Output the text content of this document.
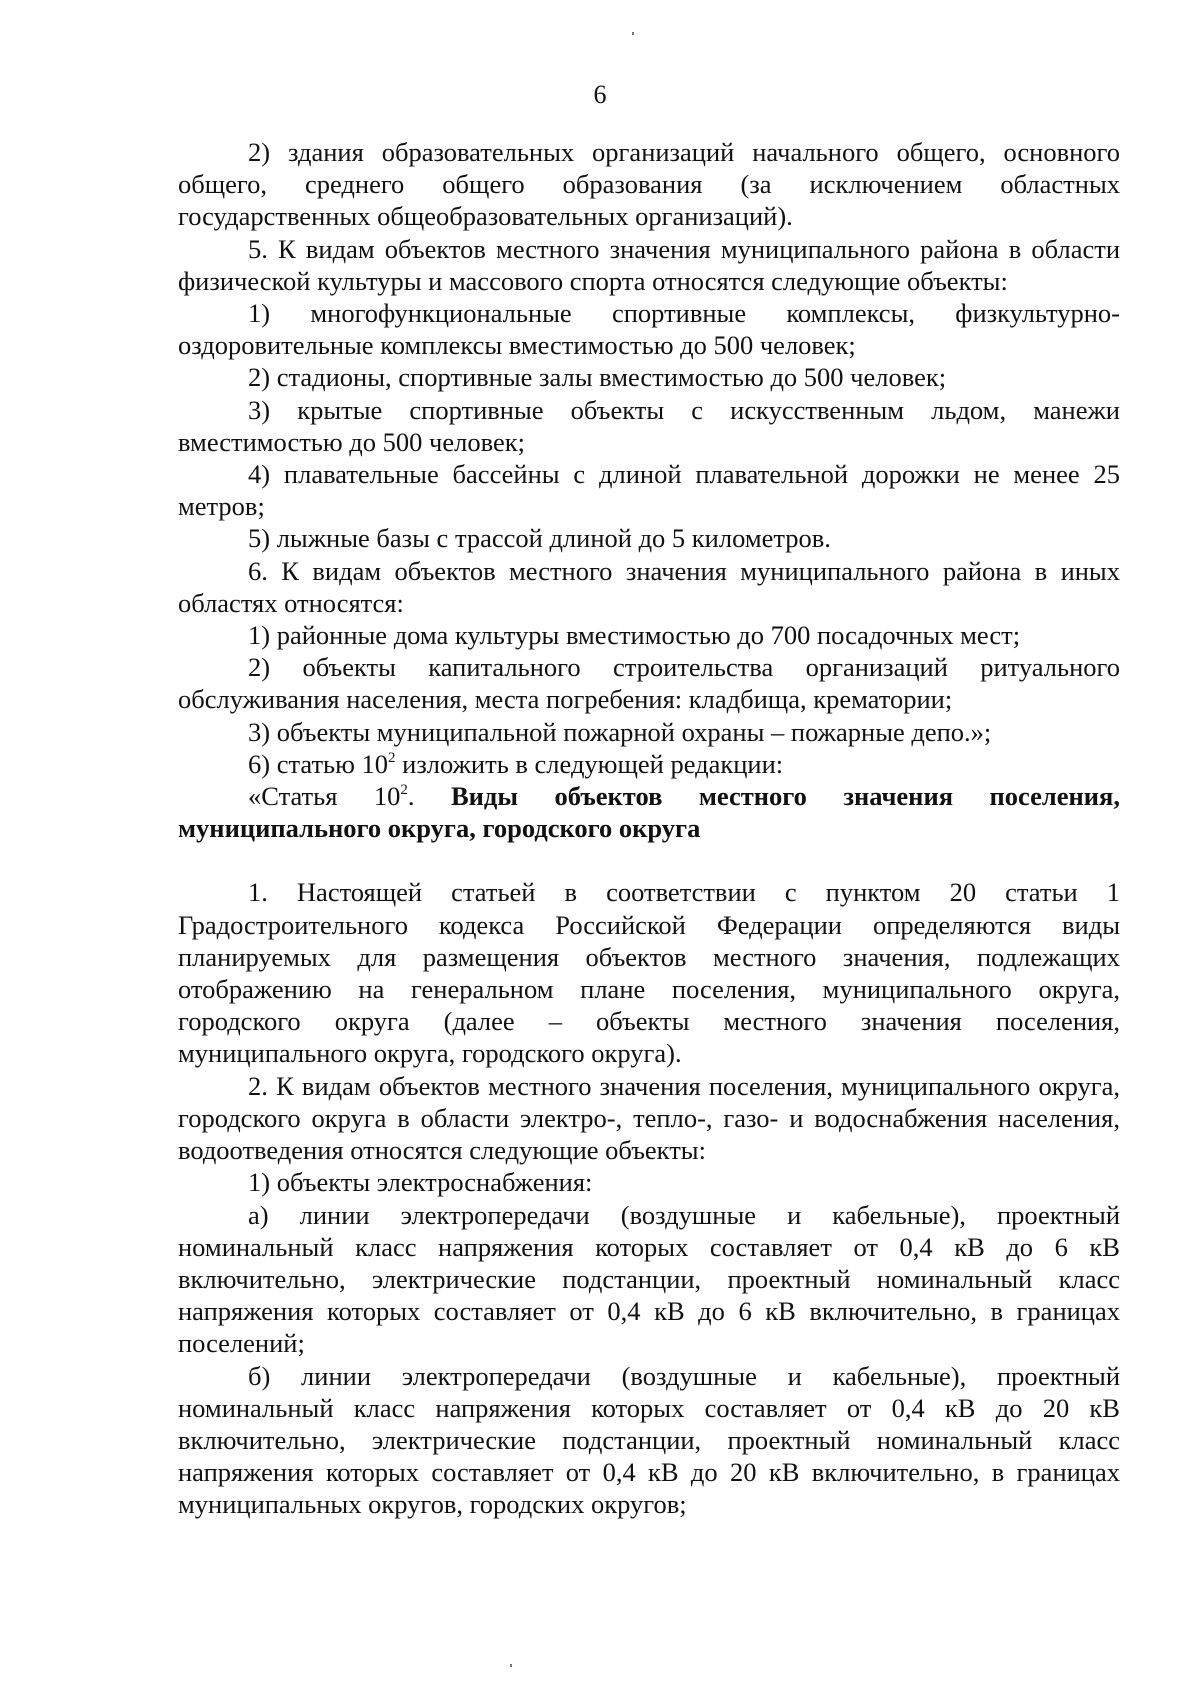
6

2) здания образовательных организаций начального общего, основного общего, среднего общего образования (за исключением областных государственных общеобразовательных организаций).

5. К видам объектов местного значения муниципального района в области физической культуры и массового спорта относятся следующие объекты:

1) многофункциональные спортивные комплексы, физкультурно-оздоровительные комплексы вместимостью до 500 человек;

2) стадионы, спортивные залы вместимостью до 500 человек;

3) крытые спортивные объекты с искусственным льдом, манежи вместимостью до 500 человек;

4) плавательные бассейны с длиной плавательной дорожки не менее 25 метров;

5) лыжные базы с трассой длиной до 5 километров.

6. К видам объектов местного значения муниципального района в иных областях относятся:

1) районные дома культуры вместимостью до 700 посадочных мест;

2) объекты капитального строительства организаций ритуального обслуживания населения, места погребения: кладбища, крематории;

3) объекты муниципальной пожарной охраны – пожарные депо.»;

6) статью $10^2$ изложить в следующей редакции:

«Статья $10^2$. Виды объектов местного значения поселения, муниципального округа, городского округа

1. Настоящей статьей в соответствии с пунктом 20 статьи 1 Градостроительного кодекса Российской Федерации определяются виды планируемых для размещения объектов местного значения, подлежащих отображению на генеральном плане поселения, муниципального округа, городского округа (далее – объекты местного значения поселения, муниципального округа, городского округа).

2. К видам объектов местного значения поселения, муниципального округа, городского округа в области электро-, тепло-, газо- и водоснабжения населения, водоотведения относятся следующие объекты:

1) объекты электроснабжения:

а) линии электропередачи (воздушные и кабельные), проектный номинальный класс напряжения которых составляет от 0,4 кВ до 6 кВ включительно, электрические подстанции, проектный номинальный класс напряжения которых составляет от 0,4 кВ до 6 кВ включительно, в границах поселений;

б) линии электропередачи (воздушные и кабельные), проектный номинальный класс напряжения которых составляет от 0,4 кВ до 20 кВ включительно, электрические подстанции, проектный номинальный класс напряжения которых составляет от 0,4 кВ до 20 кВ включительно, в границах муниципальных округов, городских округов;
